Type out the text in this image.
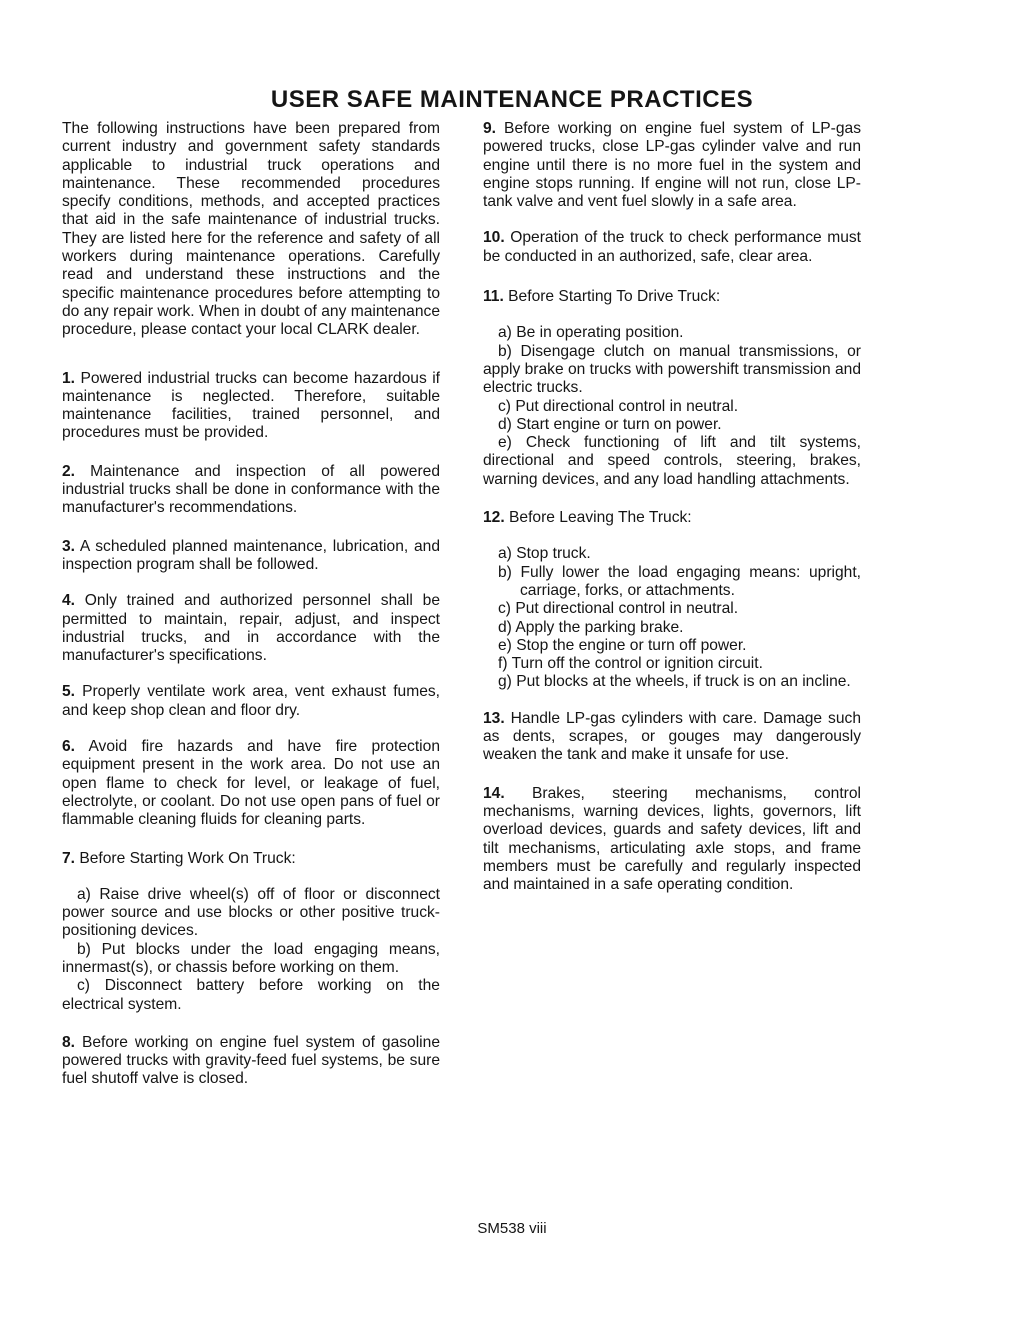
USER SAFE MAINTENANCE PRACTICES

The following instructions have been prepared from current industry and government safety standards applicable to industrial truck operations and maintenance. These recommended procedures specify conditions, methods, and accepted practices that aid in the safe maintenance of industrial trucks. They are listed here for the reference and safety of all workers during maintenance operations. Carefully read and understand these instructions and the specific maintenance procedures before attempting to do any repair work. When in doubt of any maintenance procedure, please contact your local CLARK dealer.

1. Powered industrial trucks can become hazardous if maintenance is neglected. Therefore, suitable maintenance facilities, trained personnel, and procedures must be provided.

2. Maintenance and inspection of all powered industrial trucks shall be done in conformance with the manufacturer's recommendations.

3. A scheduled planned maintenance, lubrication, and inspection program shall be followed.

4. Only trained and authorized personnel shall be permitted to maintain, repair, adjust, and inspect industrial trucks, and in accordance with the manufacturer's specifications.

5. Properly ventilate work area, vent exhaust fumes, and keep shop clean and floor dry.

6. Avoid fire hazards and have fire protection equipment present in the work area. Do not use an open flame to check for level, or leakage of fuel, electrolyte, or coolant. Do not use open pans of fuel or flammable cleaning fluids for cleaning parts.

7. Before Starting Work On Truck:

a) Raise drive wheel(s) off of floor or disconnect power source and use blocks or other positive truck-positioning devices.

b) Put blocks under the load engaging means, innermast(s), or chassis before working on them.

c) Disconnect battery before working on the electrical system.

8. Before working on engine fuel system of gasoline powered trucks with gravity-feed fuel systems, be sure fuel shutoff valve is closed.

9. Before working on engine fuel system of LP-gas powered trucks, close LP-gas cylinder valve and run engine until there is no more fuel in the system and engine stops running. If engine will not run, close LP-tank valve and vent fuel slowly in a safe area.

10. Operation of the truck to check performance must be conducted in an authorized, safe, clear area.

11. Before Starting To Drive Truck:

a) Be in operating position.

b) Disengage clutch on manual transmissions, or apply brake on trucks with powershift transmission and electric trucks.

c) Put directional control in neutral.

d) Start engine or turn on power.

e) Check functioning of lift and tilt systems, directional and speed controls, steering, brakes, warning devices, and any load handling attachments.

12. Before Leaving The Truck:

a) Stop truck.

b) Fully lower the load engaging means: upright, carriage, forks, or attachments.

c) Put directional control in neutral.

d) Apply the parking brake.

e) Stop the engine or turn off power.

f) Turn off the control or ignition circuit.

g) Put blocks at the wheels, if truck is on an incline.

13. Handle LP-gas cylinders with care. Damage such as dents, scrapes, or gouges may dangerously weaken the tank and make it unsafe for use.

14. Brakes, steering mechanisms, control mechanisms, warning devices, lights, governors, lift overload devices, guards and safety devices, lift and tilt mechanisms, articulating axle stops, and frame members must be carefully and regularly inspected and maintained in a safe operating condition.

SM538 viii
